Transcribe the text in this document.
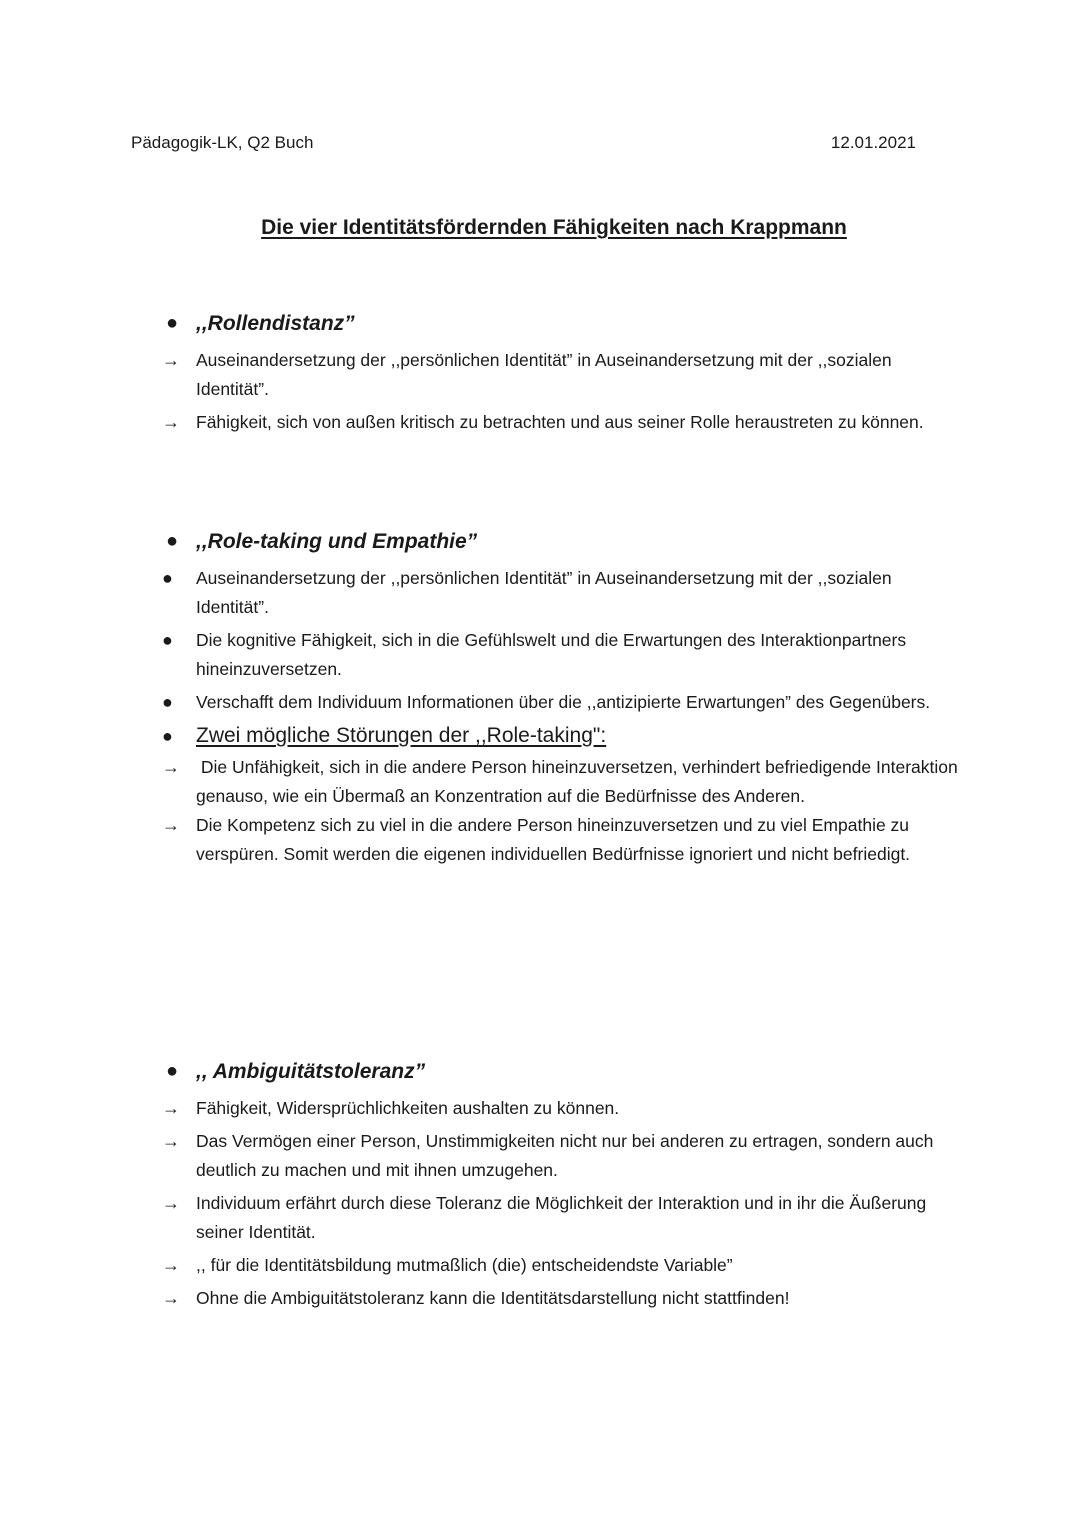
Pädagogik-LK, Q2 Buch	12.01.2021
Die vier Identitätsfördernden Fähigkeiten nach Krappmann
● ,,Rollendistanz”
→ Auseinandersetzung der ,,persönlichen Identität” in Auseinandersetzung mit der ,,sozialen Identität”.
→ Fähigkeit, sich von außen kritisch zu betrachten und aus seiner Rolle heraustreten zu können.
● ,,Role-taking und Empathie”
●	Auseinandersetzung der ,,persönlichen Identität” in Auseinandersetzung mit der ,,sozialen Identität”.
●	Die kognitive Fähigkeit, sich in die Gefühlswelt und die Erwartungen des Interaktionpartners hineinzuversetzen.
●	Verschafft dem Individuum Informationen über die ,,antizipierte Erwartungen” des Gegenübers.
●	Zwei mögliche Störungen der ,,Role-taking":
→ Die Unfähigkeit, sich in die andere Person hineinzuversetzen, verhindert befriedigende Interaktion genauso, wie ein Übermaß an Konzentration auf die Bedürfnisse des Anderen.
→ Die Kompetenz sich zu viel in die andere Person hineinzuversetzen und zu viel Empathie zu verspüren. Somit werden die eigenen individuellen Bedürfnisse ignoriert und nicht befriedigt.
● ,, Ambiguitätstoleranz”
→ Fähigkeit, Widersprüchlichkeiten aushalten zu können.
→ Das Vermögen einer Person, Unstimmigkeiten nicht nur bei anderen zu ertragen, sondern auch deutlich zu machen und mit ihnen umzugehen.
→ Individuum erfährt durch diese Toleranz die Möglichkeit der Interaktion und in ihr die Äußerung seiner Identität.
→ ,, für die Identitätsbildung mutmaßlich (die) entscheidendste Variable”
→ Ohne die Ambiguitätstoleranz kann die Identitätsdarstellung nicht stattfinden!
